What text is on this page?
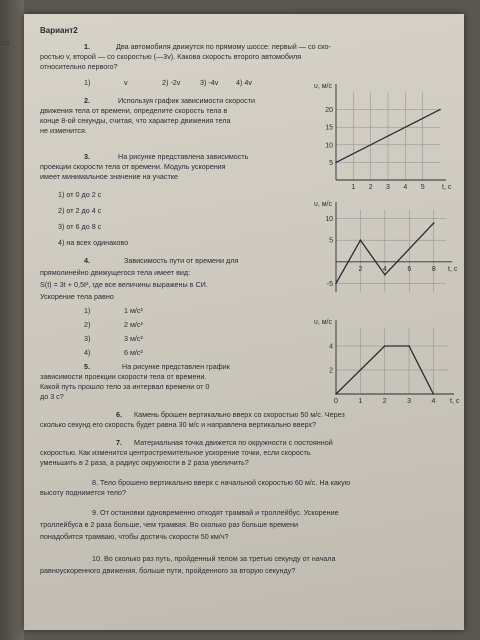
со
Вариант2
1.	Два автомобиля движутся по прямому шоссе: первый — со ско-
ростью v, второй — со скоростью (—3v). Какова скорость второго автомобиля
относительно первого?
1)	v	2) -2v	3) -4v 4) 4v
2.	Используя график зависимости скорости
движения тела от времени, определите скорость тела в
конце 8-ой секунды, считая, что характер движения тела
не изменится.
3.	На рисунке представлена зависимость
проекции скорости тела от времени. Модуль ускорения
имеет минимальное значение на участке
1) от 0 до 2 с
2) от 2 до 4 с
3) от 6 до 8 с
4) на всех одинаково
4.	Зависимость пути от времени для
прямолинейно движущегося тела имеет вид:
S(t) = 3t + 0,5t², где все величины выражены в СИ.
Ускорение тела равно
1)	1 м/с²
2)	2 м/с²
3)	3 м/с²
4)	6 м/с²
5.	На рисунке представлен график
зависимости проекции скорости тела от времени.
Какой путь прошло тело за интервал времени от 0
до 3 с?
6. Камень брошен вертикально вверх со скоростью 50 м/с. Через
сколько секунд его скорость будет равна 30 м/с и направлена вертикально вверх?
7. Материальная точка движется по окружности с постоянной
скоростью. Как изменится центростремительное ускорение точки, если скорость
уменьшить в 2 раза, а радиус окружности в 2 раза увеличить?
8. Тело брошено вертикально вверх с начальной скоростью 60 м/с. На какую
высоту поднимется тело?
9. От остановки одновременно отходят трамвай и троллейбус. Ускорение
троллейбуса в 2 раза больше, чем трамвая. Во сколько раз больше времени
понадобится трамваю, чтобы достичь скорости 50 км/ч?
10. Во сколько раз путь, пройденный телом за третью секунду от начала
равноускоренного движения, больше пути, пройденного за вторую секунду?
1 2 3 4 5
5
10
15
20
υ, м/с
t, c
2	4	6	8
10
5
-5
υ, м/с
t, c
0	1	2	3	4
4
2
υ, м/с
t, c
